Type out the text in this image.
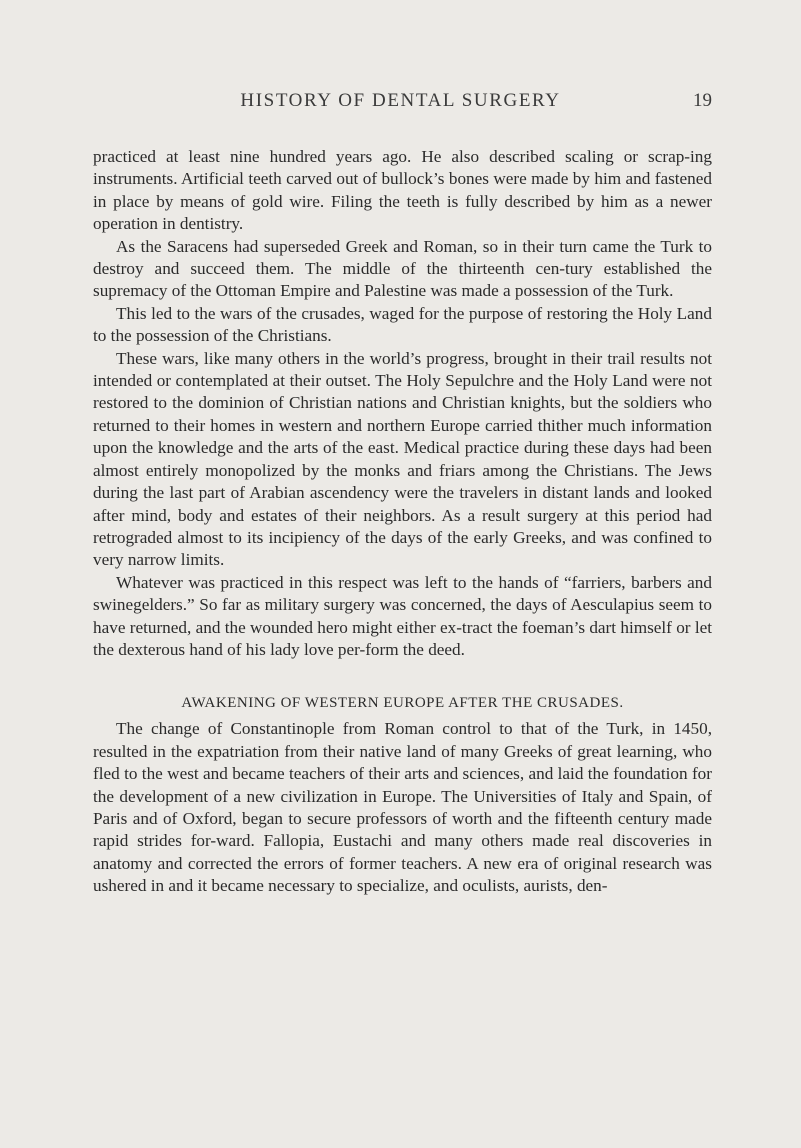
HISTORY OF DENTAL SURGERY	19

practiced at least nine hundred years ago. He also described scaling or scrap-ing instruments. Artificial teeth carved out of bullock’s bones were made by him and fastened in place by means of gold wire. Filing the teeth is fully described by him as a newer operation in dentistry.

As the Saracens had superseded Greek and Roman, so in their turn came the Turk to destroy and succeed them. The middle of the thirteenth cen-tury established the supremacy of the Ottoman Empire and Palestine was made a possession of the Turk.

This led to the wars of the crusades, waged for the purpose of restoring the Holy Land to the possession of the Christians.

These wars, like many others in the world’s progress, brought in their trail results not intended or contemplated at their outset. The Holy Sepulchre and the Holy Land were not restored to the dominion of Christian nations and Christian knights, but the soldiers who returned to their homes in western and northern Europe carried thither much information upon the knowledge and the arts of the east. Medical practice during these days had been almost entirely monopolized by the monks and friars among the Christians. The Jews during the last part of Arabian ascendency were the travelers in distant lands and looked after mind, body and estates of their neighbors. As a result surgery at this period had retrograded almost to its incipiency of the days of the early Greeks, and was confined to very narrow limits.

Whatever was practiced in this respect was left to the hands of “farriers, barbers and swinegelders.” So far as military surgery was concerned, the days of Aesculapius seem to have returned, and the wounded hero might either ex-tract the foeman’s dart himself or let the dexterous hand of his lady love per-form the deed.

AWAKENING OF WESTERN EUROPE AFTER THE CRUSADES.

The change of Constantinople from Roman control to that of the Turk, in 1450, resulted in the expatriation from their native land of many Greeks of great learning, who fled to the west and became teachers of their arts and sciences, and laid the foundation for the development of a new civilization in Europe. The Universities of Italy and Spain, of Paris and of Oxford, began to secure professors of worth and the fifteenth century made rapid strides for-ward. Fallopia, Eustachi and many others made real discoveries in anatomy and corrected the errors of former teachers. A new era of original research was ushered in and it became necessary to specialize, and oculists, aurists, den-
